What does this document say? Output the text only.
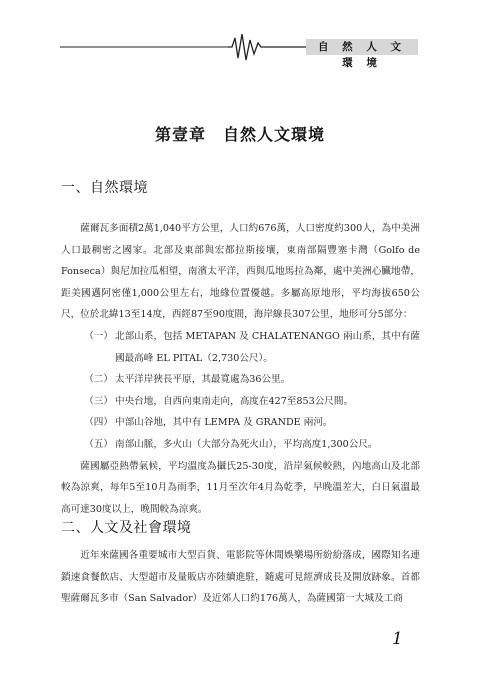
自 然 人 文 環 境
第壹章　自然人文環境
一、自然環境

薩爾瓦多面積2萬1,040平方公里，人口約676萬，人口密度約300人，為中美洲人口最稠密之國家。北部及東部與宏都拉斯接壤，東南部隔豐塞卡灣（Golfo de Fonseca）與尼加拉瓜相望，南濱太平洋，西與瓜地馬拉為鄰，處中美洲心臟地帶，距美國邁阿密僅1,000公里左右，地緣位置優越。多屬高原地形，平均海拔650公尺，位於北緯13至14度，西經87至90度間，海岸線長307公里，地形可分5部分：

（一） 北部山系，包括 METAPAN 及 CHALATENANGO 兩山系，其中有薩國最高峰 EL PITAL（2,730公尺）。
（二） 太平洋岸狹長平原，其最寬處為36公里。
（三） 中央台地，自西向東南走向，高度在427至853公尺間。
（四） 中部山谷地，其中有 LEMPA 及 GRANDE 兩河。
（五） 南部山脈，多火山（大部分為死火山），平均高度1,300公尺。

薩國屬亞熱帶氣候，平均溫度為攝氏25-30度，沿岸氣候較熱，內地高山及北部較為涼爽，每年5至10月為雨季，11月至次年4月為乾季，早晚溫差大，白日氣溫最高可達30度以上，晚間較為涼爽。

二、人文及社會環境

近年來薩國各重要城市大型百貨、電影院等休閒娛樂場所紛紛落成，國際知名連鎖速食餐飲店、大型超市及量販店亦陸續進駐，隨處可見經濟成長及開放跡象。首都聖薩爾瓦多市（San Salvador）及近郊人口約176萬人，為薩國第一大城及工商

1
